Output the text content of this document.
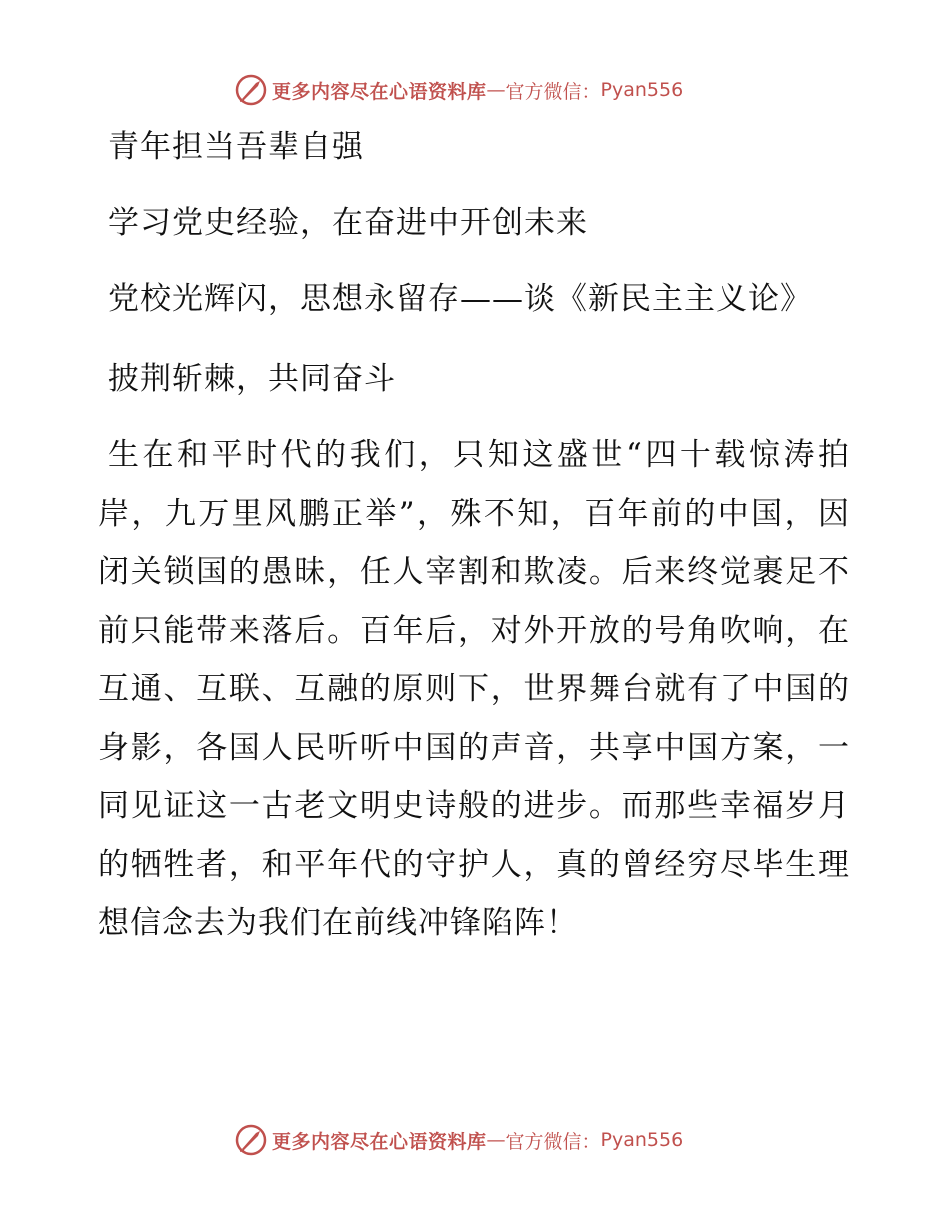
更多内容尽在心语资料库 — 官方微信： Pyan556

青年担当吾辈自强

学习党史经验，在奋进中开创未来

党校光辉闪，思想永留存——谈《新民主主义论》

披荆斩棘，共同奋斗

生在和平时代的我们，只知这盛世“四十载惊涛拍岸，九万里风鹏正举”，殊不知，百年前的中国，因闭关锁国的愚昧，任人宰割和欺凌。后来终觉裹足不前只能带来落后。百年后，对外开放的号角吹响，在互通、互联、互融的原则下，世界舞台就有了中国的身影，各国人民听听中国的声音，共享中国方案，一同见证这一古老文明史诗般的进步。而那些幸福岁月的牺牲者，和平年代的守护人，真的曾经穷尽毕生理想信念去为我们在前线冲锋陷阵！

更多内容尽在心语资料库 — 官方微信： Pyan556
